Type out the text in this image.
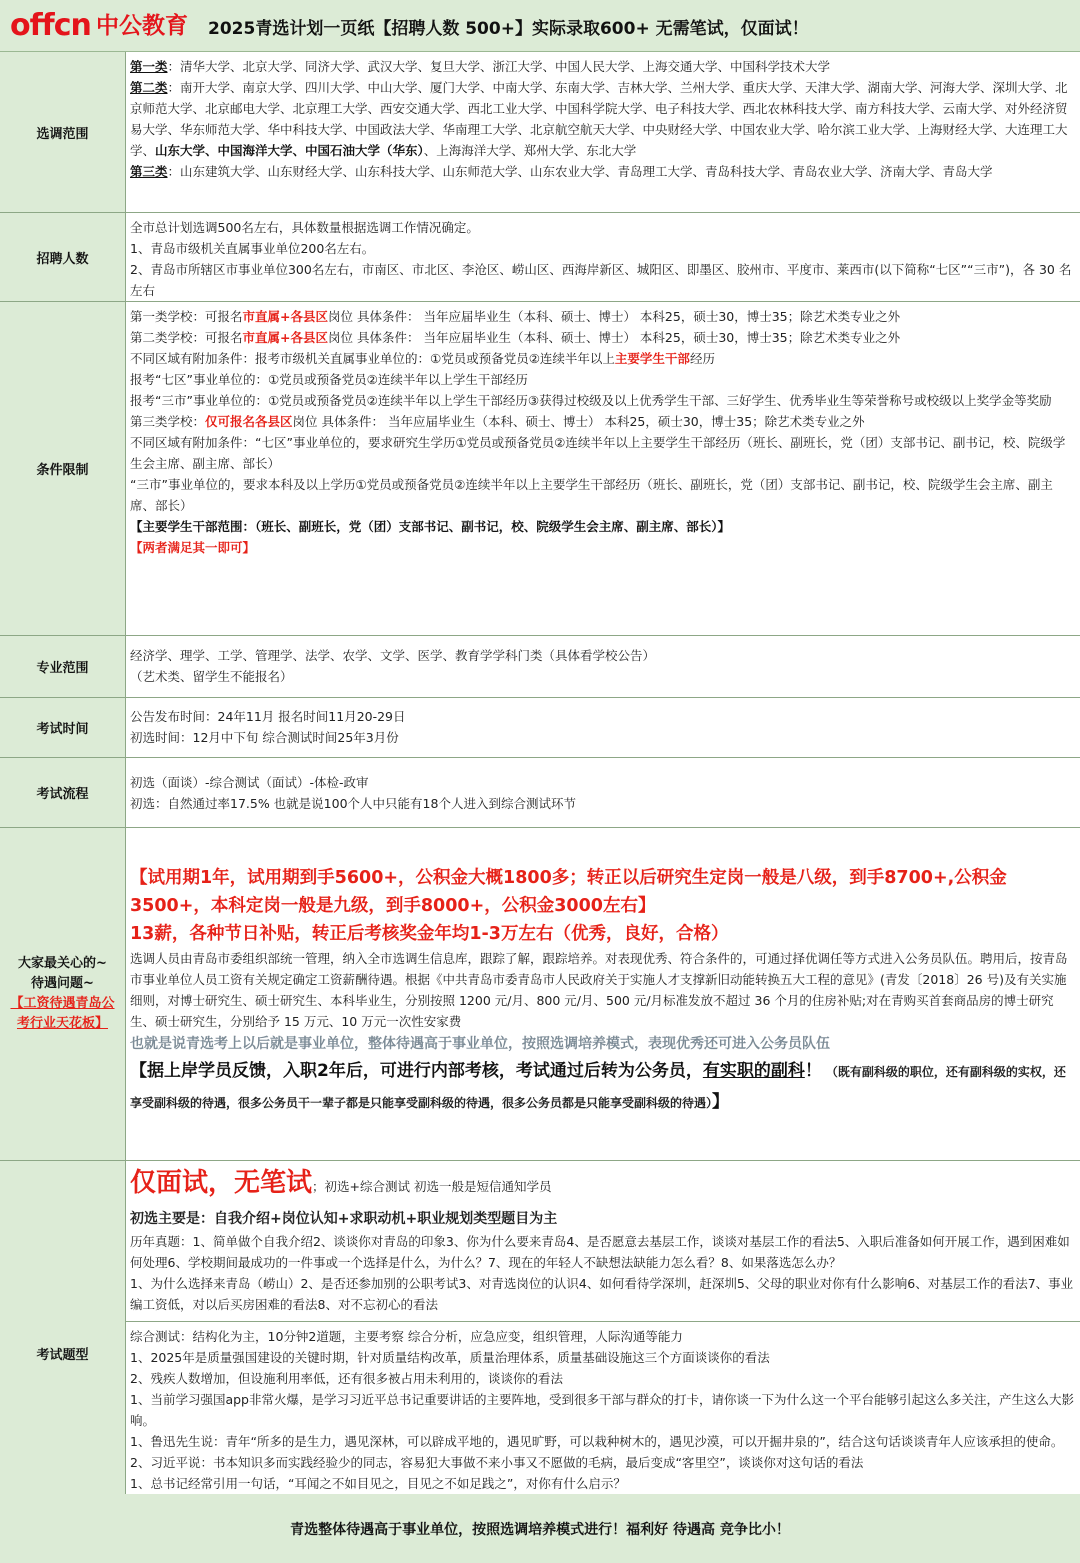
offcn 中公教育 2025青选计划一页纸【招聘人数 500+】实际录取600+ 无需笔试，仅面试！
选调范围
第一类：清华大学、北京大学、同济大学、武汉大学、复旦大学、浙江大学、中国人民大学、上海交通大学、中国科学技术大学
第二类：南开大学、南京大学、四川大学、中山大学、厦门大学、中南大学、东南大学、吉林大学、兰州大学、重庆大学、天津大学、湖南大学、河海大学、深圳大学、北京师范大学、北京邮电大学、北京理工大学、西安交通大学、西北工业大学、中国科学院大学、电子科技大学、西北农林科技大学、南方科技大学、云南大学、对外经济贸易大学、华东师范大学、华中科技大学、中国政法大学、华南理工大学、北京航空航天大学、中央财经大学、中国农业大学、哈尔滨工业大学、上海财经大学、大连理工大学、山东大学、中国海洋大学、中国石油大学（华东）、上海海洋大学、郑州大学、东北大学
第三类：山东建筑大学、山东财经大学、山东科技大学、山东师范大学、山东农业大学、青岛理工大学、青岛科技大学、青岛农业大学、济南大学、青岛大学
招聘人数
全市总计划选调500名左右，具体数量根据选调工作情况确定。
1、青岛市级机关直属事业单位200名左右。
2、青岛市所辖区市事业单位300名左右，市南区、市北区、李沧区、崂山区、西海岸新区、城阳区、即墨区、胶州市、平度市、莱西市(以下简称“七区”“三市”)，各 30 名左右
条件限制
第一类学校：可报名市直属+各县区岗位 具体条件： 当年应届毕业生（本科、硕士、博士） 本科25，硕士30，博士35；除艺术类专业之外
第二类学校：可报名市直属+各县区岗位 具体条件： 当年应届毕业生（本科、硕士、博士） 本科25，硕士30，博士35；除艺术类专业之外
不同区域有附加条件：报考市级机关直属事业单位的：①党员或预备党员②连续半年以上主要学生干部经历
报考“七区”事业单位的：①党员或预备党员②连续半年以上学生干部经历
报考“三市”事业单位的：①党员或预备党员②连续半年以上学生干部经历③获得过校级及以上优秀学生干部、三好学生、优秀毕业生等荣誉称号或校级以上奖学金等奖励
第三类学校：仅可报名各县区岗位 具体条件： 当年应届毕业生（本科、硕士、博士） 本科25，硕士30，博士35；除艺术类专业之外
不同区域有附加条件：“七区”事业单位的，要求研究生学历①党员或预备党员②连续半年以上主要学生干部经历（班长、副班长，党（团）支部书记、副书记，校、院级学生会主席、副主席、部长）
“三市”事业单位的，要求本科及以上学历①党员或预备党员②连续半年以上主要学生干部经历（班长、副班长，党（团）支部书记、副书记，校、院级学生会主席、副主席、部长）
【主要学生干部范围：（班长、副班长，党（团）支部书记、副书记，校、院级学生会主席、副主席、部长）】
【两者满足其一即可】
专业范围
经济学、理学、工学、管理学、法学、农学、文学、医学、教育学学科门类（具体看学校公告）
（艺术类、留学生不能报名）
考试时间
公告发布时间：24年11月 报名时间11月20-29日
初选时间：12月中下旬 综合测试时间25年3月份
考试流程
初选（面谈）-综合测试（面试）-体检-政审
初选：自然通过率17.5% 也就是说100个人中只能有18个人进入到综合测试环节
大家最关心的~
待遇问题~
【工资待遇青岛公考行业天花板】
【试用期1年，试用期到手5600+，公积金大概1800多；转正以后研究生定岗一般是八级，到手8700+,公积金3500+，本科定岗一般是九级，到手8000+，公积金3000左右】
13薪，各种节日补贴，转正后考核奖金年均1-3万左右（优秀，良好，合格）
选调人员由青岛市委组织部统一管理，纳入全市选调生信息库，跟踪了解，跟踪培养。对表现优秀、符合条件的，可通过择优调任等方式进入公务员队伍。聘用后，按青岛市事业单位人员工资有关规定确定工资薪酬待遇。根据《中共青岛市委青岛市人民政府关于实施人才支撑新旧动能转换五大工程的意见》(青发〔2018〕26 号)及有关实施细则，对博士研究生、硕士研究生、本科毕业生，分别按照 1200 元/月、800 元/月、500 元/月标准发放不超过 36 个月的住房补贴;对在青购买首套商品房的博士研究生、硕士研究生，分别给予 15 万元、10 万元一次性安家费
也就是说青选考上以后就是事业单位，整体待遇高于事业单位，按照选调培养模式，表现优秀还可进入公务员队伍
【据上岸学员反馈，入职2年后，可进行内部考核，考试通过后转为公务员，有实职的副科！ （既有副科级的职位，还有副科级的实权，还享受副科级的待遇，很多公务员干一辈子都是只能享受副科级的待遇，很多公务员都是只能享受副科级的待遇）】
考试题型
仅面试，无笔试；初选+综合测试 初选一般是短信通知学员
初选主要是：自我介绍+岗位认知+求职动机+职业规划类型题目为主
历年真题：1、简单做个自我介绍2、谈谈你对青岛的印象3、你为什么要来青岛4、是否愿意去基层工作，谈谈对基层工作的看法5、入职后准备如何开展工作，遇到困难如何处理6、学校期间最成功的一件事或一个选择是什么，为什么？7、现在的年轻人不缺想法缺能力怎么看？8、如果落选怎么办？
1、为什么选择来青岛（崂山）2、是否还参加别的公职考试3、对青选岗位的认识4、如何看待学深圳，赶深圳5、父母的职业对你有什么影响6、对基层工作的看法7、事业编工资低，对以后买房困难的看法8、对不忘初心的看法
综合测试：结构化为主，10分钟2道题，主要考察 综合分析，应急应变，组织管理，人际沟通等能力
1、2025年是质量强国建设的关键时期，针对质量结构改革，质量治理体系，质量基础设施这三个方面谈谈你的看法
2、残疾人数增加，但设施利用率低，还有很多被占用未利用的，谈谈你的看法
1、当前学习强国app非常火爆，是学习习近平总书记重要讲话的主要阵地，受到很多干部与群众的打卡，请你谈一下为什么这一个平台能够引起这么多关注，产生这么大影响。
1、鲁迅先生说：青年“所多的是生力，遇见深林，可以辟成平地的，遇见旷野，可以栽种树木的，遇见沙漠，可以开掘井泉的”，结合这句话谈谈青年人应该承担的使命。
2、习近平说：书本知识多而实践经验少的同志，容易犯大事做不来小事又不愿做的毛病，最后变成“客里空”，谈谈你对这句话的看法
1、总书记经常引用一句话，“耳闻之不如目见之，目见之不如足践之”，对你有什么启示？
青选整体待遇高于事业单位，按照选调培养模式进行！福利好 待遇高 竞争比小！
